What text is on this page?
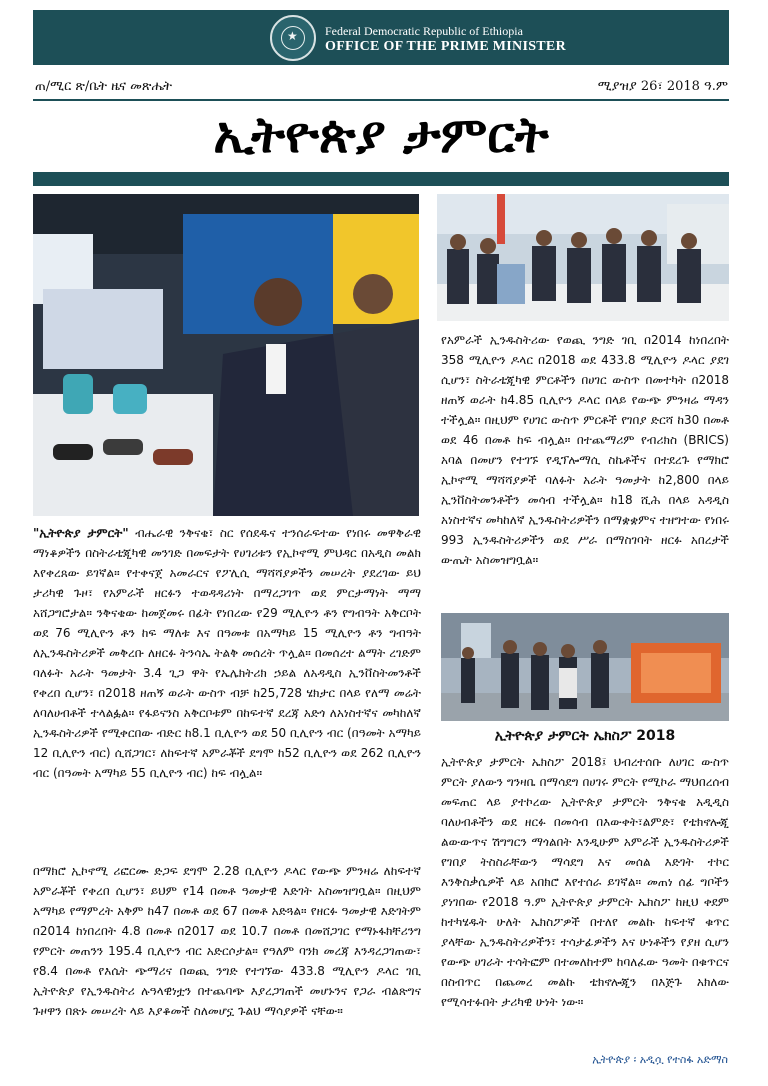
★ Federal Democratic Republic of Ethiopia
OFFICE OF THE PRIME MINISTER
ጠ/ሚር ጽ/ቤት ዜና መጽሔት	ሚያዝያ 26፣ 2018 ዓ.ም
ኢትዮጵያ ታምርት
"ኢትዮጵያ ታምርት" ብሔራዊ ንቅናቄ፣ ስር የሰደዱና ተንሰራፍተው የነበሩ መዋቅራዊ ማነቆዎችን በስትራቴጂካዊ መንገድ በመፍታት የሀገሪቱን የኢኮኖሚ ምህዳር በአዲስ መልክ እየቀረጸው ይገኛል። የተቀናጀ አመራርና የፖሊሲ ማሻሻያዎችን መሠረት ያደረገው ይህ ታሪካዊ ጉዞ፣ የአምራች ዘርፉን ተወዳዳሪነት በማረጋገጥ ወደ ምርታማነት ማማ አሸጋግሮታል። ንቅናቄው ከመጀመሩ በፊት የነበረው የ29 ሚሊዮን ቶን የግብዓት አቅርቦት ወደ 76 ሚሊዮን ቶን ከፍ ማለቱ እና በዓመቱ በአማካይ 15 ሚሊዮን ቶን ግብዓት ለኢንዱስትሪዎች መቅረቡ ለዘርፉ ትንሳኤ ትልቅ መሰረት ጥሏል። በመሰረተ ልማት ረገድም ባለፉት አራት ዓመታት 3.4 ጊጋ ዋት የኤሌክትሪክ ኃይል ለአዳዲስ ኢንቨስትመንቶች የቀረበ ሲሆን፣ በ2018 ዘጠኝ ወራት ውስጥ ብቻ ከ25,728 ሄክታር በላይ የለማ መሬት ለባለሀብቶች ተላልፏል። የፋይናንስ አቅርቦቱም በከፍተኛ ደረጃ አድጎ ለአነስተኛና መካከለኛ ኢንዱስትሪዎች የሚቀርበው ብድር ከ8.1 ቢሊዮን ወደ 50 ቢሊዮን ብር (በዓመት አማካይ 12 ቢሊዮን ብር) ሲሸጋገር፣ ለከፍተኛ አምራቾች ደግሞ ከ52 ቢሊዮን ወደ 262 ቢሊዮን ብር (በዓመት አማካይ 55 ቢሊዮን ብር) ከፍ ብሏል።
በማክሮ ኢኮኖሚ ሪፎርሙ ድጋፍ ደግሞ 2.28 ቢሊዮን ዶላር የውጭ ምንዛሬ ለከፍተኛ አምራቾች የቀረበ ሲሆን፣ ይህም የ14 በመቶ ዓመታዊ እድገት አስመዝግቧል። በዚህም አማካይ የማምረት አቅም ከ47 በመቶ ወደ 67 በመቶ አድጓል። የዘርፉ ዓመታዊ እድገትም በ2014 ከነበረበት 4.8 በመቶ በ2017 ወደ 10.7 በመቶ በመሸጋገር የማኑፋክቸሪንግ የምርት መጠንን 195.4 ቢሊዮን ብር አድርሶታል። የዓለም ባንክ መረጃ እንዳረጋገጠው፣ የ8.4 በመቶ የእሴት ጭማሪና በወጪ ንግድ የተገኘው 433.8 ሚሊዮን ዶላር ገቢ ኢትዮጵያ የኢንዱስትሪ ሉዓላዊነቷን በተጨባጭ እያረጋገጠች መሆኑንና የጋራ ብልጽግና ጉዞዋን በጽኑ መሠረት ላይ እያቆመች ስለመሆኗ ጉልህ ማሳያዎች ናቸው።
የአምራች ኢንዱስትሪው የወጪ ንግድ ገቢ በ2014 ከነበረበት 358 ሚሊዮን ዶላር በ2018 ወደ 433.8 ሚሊዮን ዶላር ያደገ ሲሆን፣ ስትራቴጂካዊ ምርቶችን በሀገር ውስጥ በመተካት በ2018 ዘጠኝ ወራት ከ4.85 ቢሊዮን ዶላር በላይ የውጭ ምንዛሬ ማዳን ተችሏል። በዚህም የሀገር ውስጥ ምርቶች የገበያ ድርሻ ከ30 በመቶ ወደ 46 በመቶ ከፍ ብሏል። በተጨማሪም የብሪክስ (BRICS) አባል በመሆን የተገኙ የዲፕሎማሲ ስኬቶችና በተደረጉ የማክሮ ኢኮኖሚ ማሻሻያዎች ባለፉት አራት ዓመታት ከ2,800 በላይ ኢንቨስትመንቶችን መሳብ ተችሏል። ከ18 ሺሕ በላይ አዳዲስ አነስተኛና መካከለኛ ኢንዱስትሪዎችን በማቋቋምና ተዘግተው የነበሩ 993 ኢንዱስትሪዎችን ወደ ሥራ በማስገባት ዘርፉ አበረታች ውጤት አስመዝግቧል።
ኢትዮጵያ ታምርት ኤክስፖ 2018
ኢትዮጵያ ታምርት ኤክስፖ 2018፤ ህብረተሰቡ ለሀገር ውስጥ ምርት ያለውን ግንዛቤ በማሳደግ በሀገሩ ምርት የሚኮራ ማህበረሰብ መፍጠር ላይ ያተኮረው ኢትዮጵያ ታምርት ንቅናቄ አዲዲስ ባለሀብቶችን ወደ ዘርፉ በመሳብ በእውቀት፣ልምድ፣ የቴክኖሎጂ ልውውጥና ሽግግርን ማጎልበት እንዲሁም አምራች ኢንዱስትሪዎች የገበያ ትስስራቸውን ማሳደግ እና መሰል እድገት ተኮር እንቅስቃሴዎች ላይ አበክሮ እየተሰራ ይገኛል። መጠነ ሰፊ ግቦችን ያነገበው የ2018 ዓ.ም ኢትዮጵያ ታምርት ኤክስፖ ከዚህ ቀደም ከተካሄዱት ሁለት ኤክስፖዎች በተለየ መልኩ ከፍተኛ ቁጥር ያላቸው ኢንዱስትሪዎችን፣ ተሳታፊዎችን እና ሁነቶችን የያዘ ሲሆን የውጭ ሀገራት ተሳትፎም በተመለከተም ከባለፈው ዓመት በቁጥርና በስብጥር በጨመረ መልኩ ቴክኖሎጂን በእጅጉ አክለው የሚሳተፉበት ታሪካዊ ሁነት ነው።
ኢትዮጵያ ፡ አዲሷ የተስፋ አድማስ
